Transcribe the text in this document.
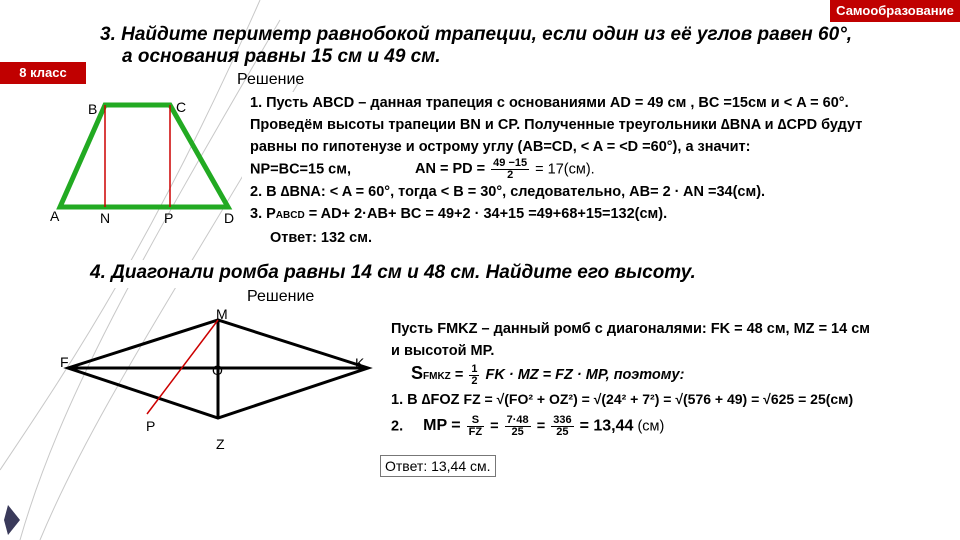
Самообразование
8 класс
3. Найдите периметр равнобокой трапеции, если один из её углов равен 60°,
а основания равны 15 см и 49 см.
Решение
B	C
A	N	P	D
1. Пусть ABCD – данная трапеция с основаниями AD = 49 см , BC =15см и < A = 60°.
Проведём высоты трапеции BN и CP. Полученные треугольники ∆BNA и ∆CPD будут
равны по гипотенузе и острому углу (AB=CD, < A = <D =60°), а значит:
NP=BC=15 см,	AN = PD = $\frac{49 -15}{2} = 17(см)$.
2. В ∆BNA: < A = 60°, тогда < B = 30°, следовательно, AB= 2 · AN =34(см).
3. PABCD = AD+ 2·AB+ BC = 49+2 · 34+15 =49+68+15=132(см).
Ответ: 132 см.
4. Диагонали ромба равны 14 см и 48 см. Найдите его высоту.
Решение
M
F	K
O
P
Z
Пусть FMKZ – данный ромб с диагоналями: FK = 48 см, MZ = 14 см
и высотой MP.
SFMKZ = $\frac{1}{2}$ FK · MZ = FZ · MP, поэтому:
1. В ∆FOZ FZ = √(FO² + OZ²) = √(24² + 7²) = √(576 + 49) = √625 = 25(см)
2. MP = $\frac{S}{FZ} = \frac{7\cdot 48}{25} = \frac{336}{25} = 13,44$ (см)
Ответ: 13,44 см.
